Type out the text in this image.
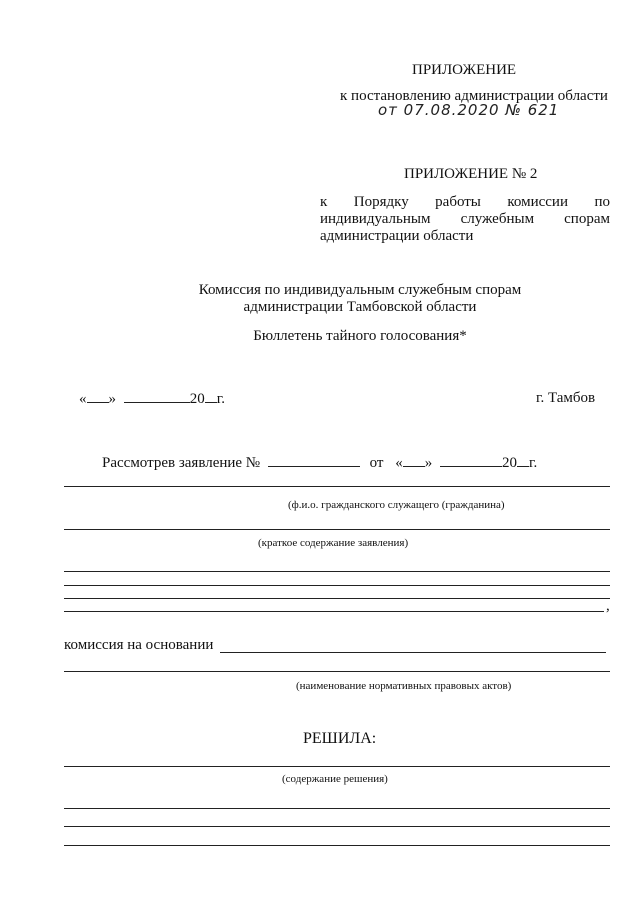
ПРИЛОЖЕНИЕ
к постановлению администрации области
от 07.08.2020 № 621
ПРИЛОЖЕНИЕ № 2
к Порядку работы комиссии по
индивидуальным служебным спорам
администрации области
Комиссия по индивидуальным служебным спорам
администрации Тамбовской области
Бюллетень тайного голосования*
« »	20 г.	г. Тамбов
Рассмотрев заявление №	от « »	20 г.
(ф.и.о. гражданского служащего (гражданина)
(краткое содержание заявления)
,
комиссия на основании
(наименование нормативных правовых актов)
РЕШИЛА:
(содержание решения)
